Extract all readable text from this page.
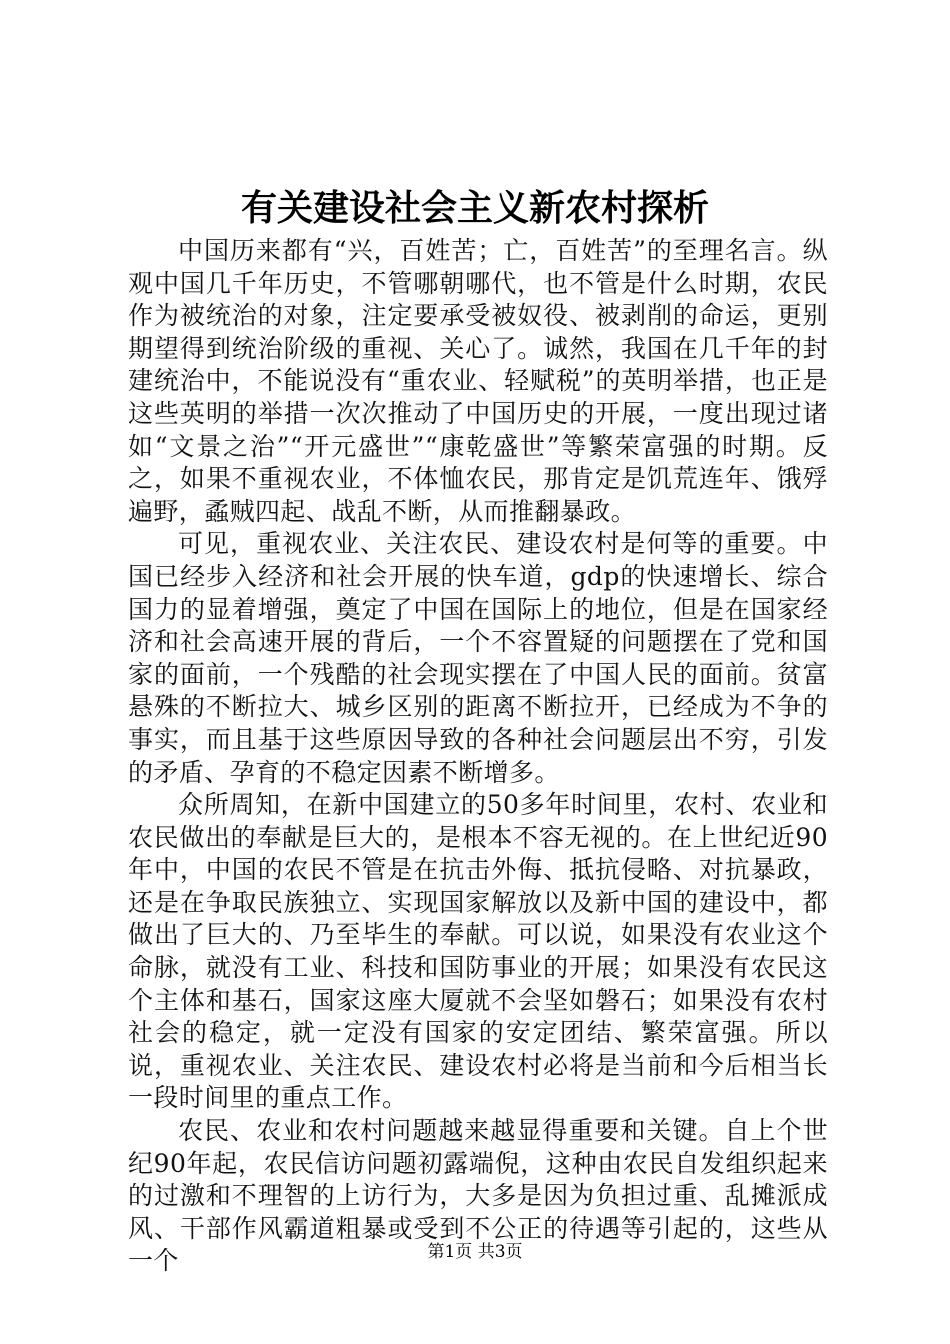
有关建设社会主义新农村探析

中国历来都有“兴，百姓苦；亡，百姓苦”的至理名言。纵观中国几千年历史，不管哪朝哪代，也不管是什么时期，农民作为被统治的对象，注定要承受被奴役、被剥削的命运，更别期望得到统治阶级的重视、关心了。诚然，我国在几千年的封建统治中，不能说没有“重农业、轻赋税”的英明举措，也正是这些英明的举措一次次推动了中国历史的开展，一度出现过诸如“文景之治”“开元盛世”“康乾盛世”等繁荣富强的时期。反之，如果不重视农业，不体恤农民，那肯定是饥荒连年、饿殍遍野，蟊贼四起、战乱不断，从而推翻暴政。

可见，重视农业、关注农民、建设农村是何等的重要。中国已经步入经济和社会开展的快车道，gdp的快速增长、综合国力的显着增强，奠定了中国在国际上的地位，但是在国家经济和社会高速开展的背后，一个不容置疑的问题摆在了党和国家的面前，一个残酷的社会现实摆在了中国人民的面前。贫富悬殊的不断拉大、城乡区别的距离不断拉开，已经成为不争的事实，而且基于这些原因导致的各种社会问题层出不穷，引发的矛盾、孕育的不稳定因素不断增多。

众所周知，在新中国建立的50多年时间里，农村、农业和农民做出的奉献是巨大的，是根本不容无视的。在上世纪近90年中，中国的农民不管是在抗击外侮、抵抗侵略、对抗暴政，还是在争取民族独立、实现国家解放以及新中国的建设中，都做出了巨大的、乃至毕生的奉献。可以说，如果没有农业这个命脉，就没有工业、科技和国防事业的开展；如果没有农民这个主体和基石，国家这座大厦就不会坚如磐石；如果没有农村社会的稳定，就一定没有国家的安定团结、繁荣富强。所以说，重视农业、关注农民、建设农村必将是当前和今后相当长一段时间里的重点工作。

农民、农业和农村问题越来越显得重要和关键。自上个世纪90年起，农民信访问题初露端倪，这种由农民自发组织起来的过激和不理智的上访行为，大多是因为负担过重、乱摊派成风、干部作风霸道粗暴或受到不公正的待遇等引起的，这些从一个	第1页 共3页
